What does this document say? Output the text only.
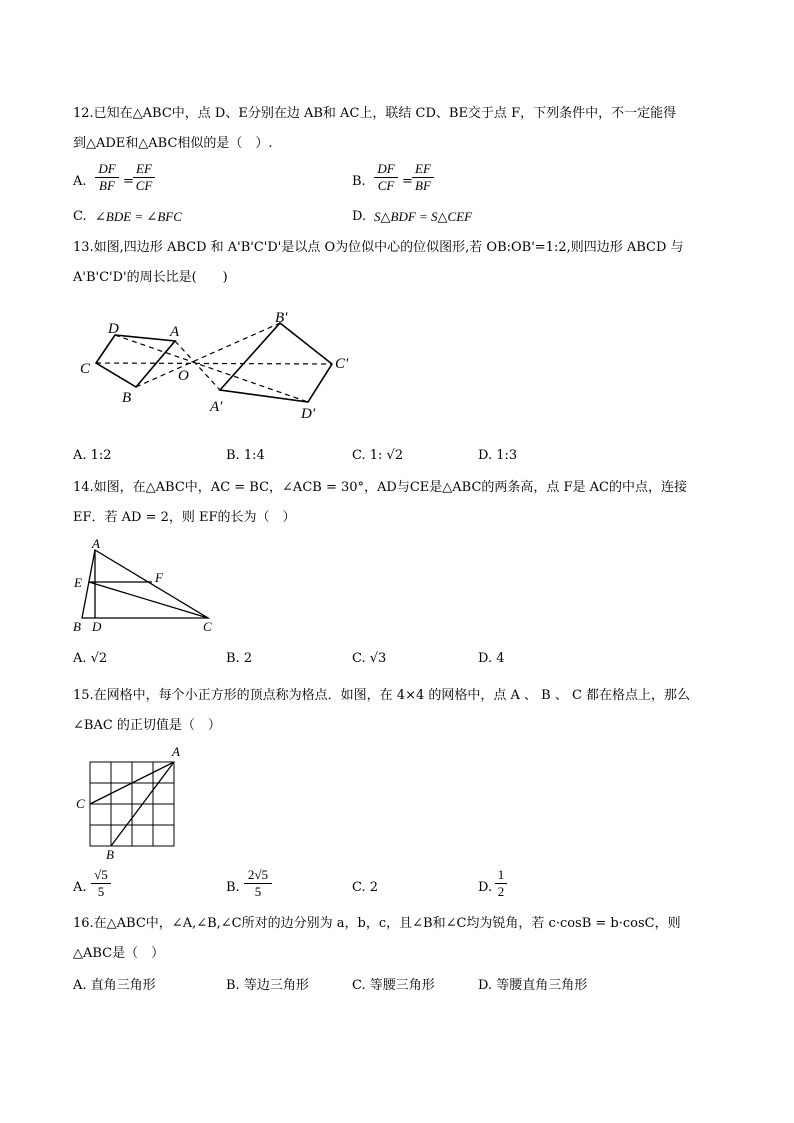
12.已知在△ABC中，点 D、E分别在边 AB和 AC上，联结 CD、BE交于点 F，下列条件中，不一定能得
到△ADE和△ABC相似的是（　）.
A.
DF
BF =
EF
CF	B.
DF
CF =
EF
BF
C. ∠BDE = ∠BFC	D. S△BDF = S△CEF
13.如图,四边形 ABCD 和 A'B'C'D'是以点 O为位似中心的位似图形,若 OB:OB'=1:2,则四边形 ABCD 与
A'B'C'D'的周长比是(　　)
D	A
C	O
B
B′
C′
A′	D′
A. 1:2	B. 1:4	C. 1: √2	D. 1:3
14.如图，在△ABC中，AC = BC，∠ACB = 30°，AD与CE是△ABC的两条高，点 F是 AC的中点，连接
EF．若 AD = 2，则 EF的长为（　）
A
E	F
B D	C
A. √2	B. 2	C. √3	D. 4
15.在网格中，每个小正方形的顶点称为格点．如图，在 4×4 的网格中，点 A 、 B 、 C 都在格点上，那么
∠BAC 的正切值是（　）
A
C
B
A.
√5
5	B.
2√5
5	C. 2	D.
1
2
16.在△ABC中，∠A,∠B,∠C所对的边分别为 a，b，c，且∠B和∠C均为锐角，若 c·cosB = b·cosC，则
△ABC是（　）
A. 直角三角形	B. 等边三角形	C. 等腰三角形	D. 等腰直角三角形
